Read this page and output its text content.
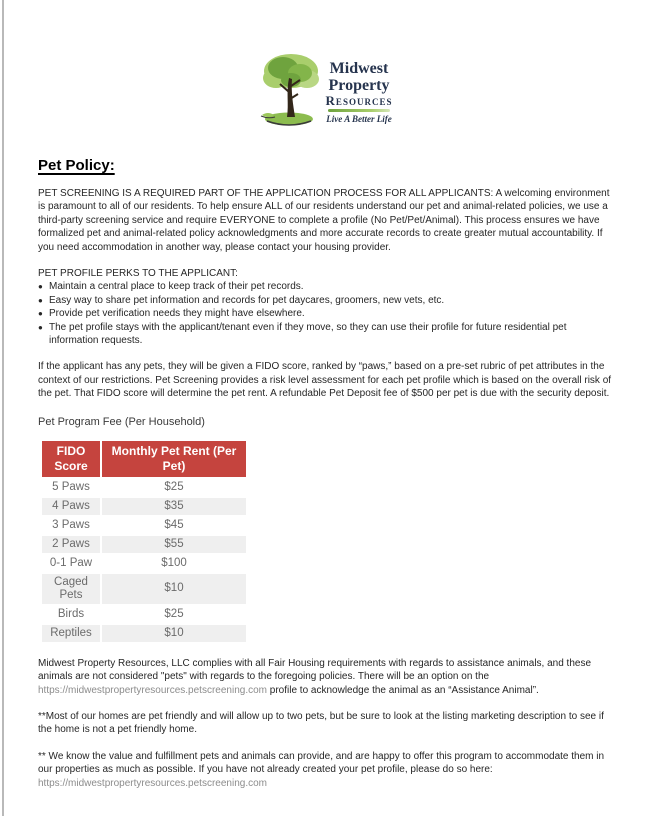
Midwest
Property
Resources
Live A Better Life
Pet Policy:

PET SCREENING IS A REQUIRED PART OF THE APPLICATION PROCESS FOR ALL APPLICANTS: A welcoming environment is paramount to all of our residents. To help ensure ALL of our residents understand our pet and animal-related policies, we use a third-party screening service and require EVERYONE to complete a profile (No Pet/Pet/Animal). This process ensures we have formalized pet and animal-related policy acknowledgments and more accurate records to create greater mutual accountability. If you need accommodation in another way, please contact your housing provider.

PET PROFILE PERKS TO THE APPLICANT:
● Maintain a central place to keep track of their pet records.
● Easy way to share pet information and records for pet daycares, groomers, new vets, etc.
● Provide pet verification needs they might have elsewhere.
● The pet profile stays with the applicant/tenant even if they move, so they can use their profile for future residential pet information requests.

If the applicant has any pets, they will be given a FIDO score, ranked by “paws,” based on a pre-set rubric of pet attributes in the context of our restrictions. Pet Screening provides a risk level assessment for each pet profile which is based on the overall risk of the pet. That FIDO score will determine the pet rent. A refundable Pet Deposit fee of $500 per pet is due with the security deposit.

Pet Program Fee (Per Household)
FIDO Score	Monthly Pet Rent (Per Pet)
5 Paws	$25
4 Paws	$35
3 Paws	$45
2 Paws	$55
0-1 Paw	$100
Caged Pets	$10
Birds	$25
Reptiles	$10

Midwest Property Resources, LLC complies with all Fair Housing requirements with regards to assistance animals, and these animals are not considered "pets" with regards to the foregoing policies. There will be an option on the https://midwestpropertyresources.petscreening.com profile to acknowledge the animal as an “Assistance Animal”.

**Most of our homes are pet friendly and will allow up to two pets, but be sure to look at the listing marketing description to see if the home is not a pet friendly home.

** We know the value and fulfillment pets and animals can provide, and are happy to offer this program to accommodate them in our properties as much as possible. If you have not already created your pet profile, please do so here:
https://midwestpropertyresources.petscreening.com
